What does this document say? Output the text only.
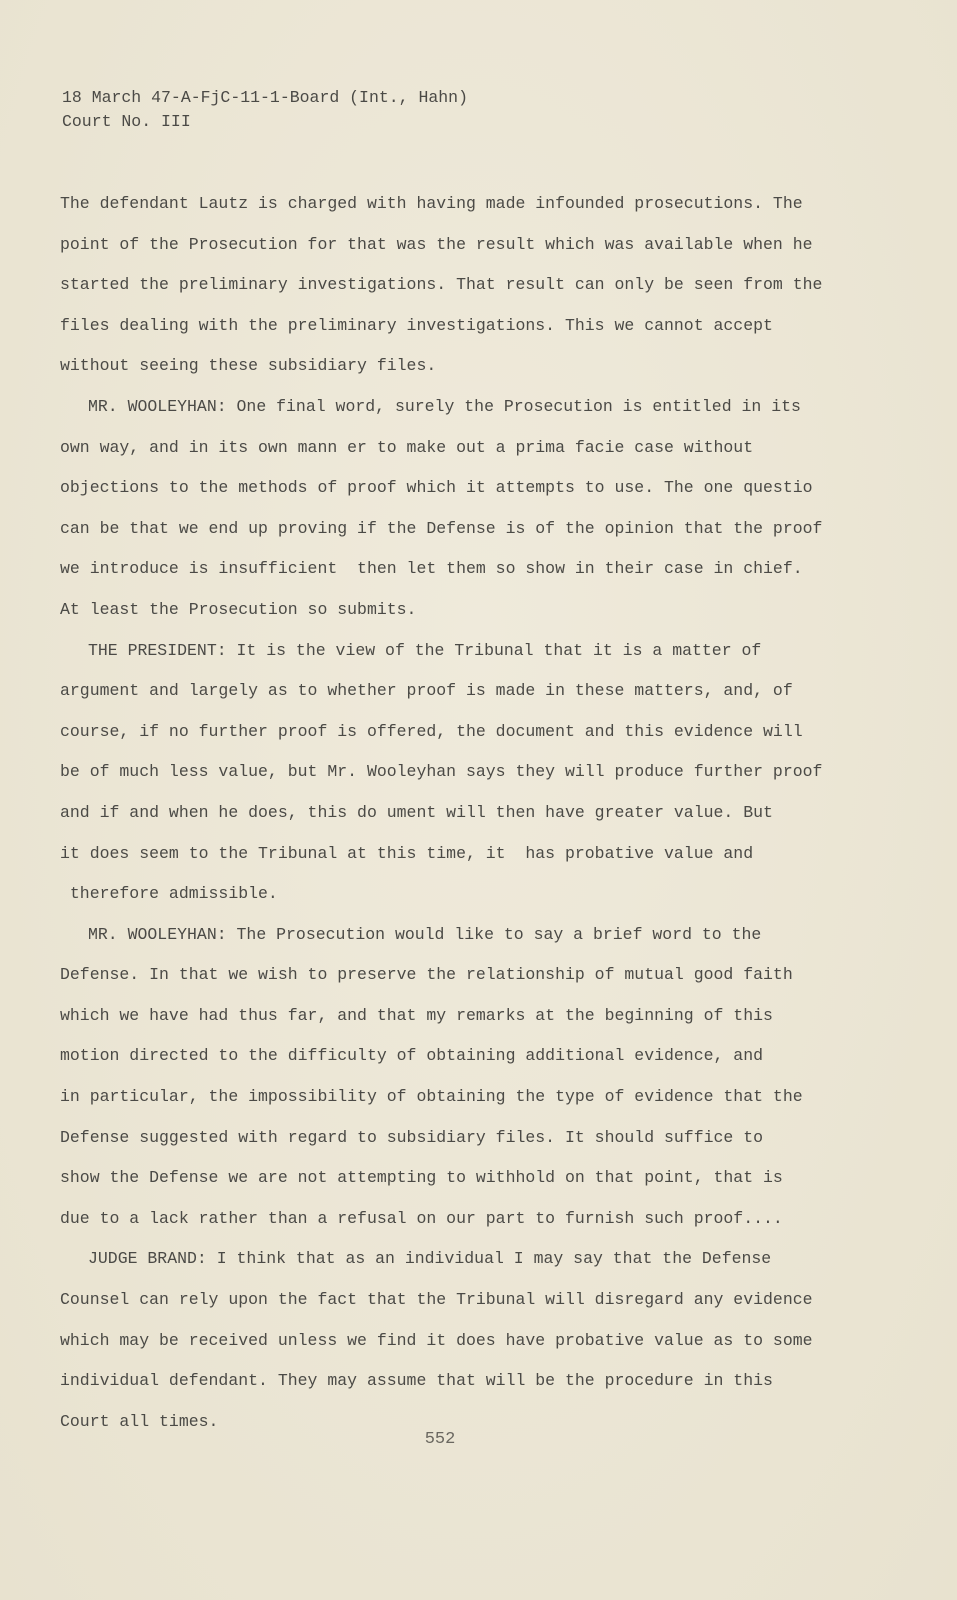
18 March 47-A-FjC-11-1-Board (Int., Hahn)
Court No. III
The defendant Lautz is charged with having made infounded prosecutions. The
point of the Prosecution for that was the result which was available when he
started the preliminary investigations. That result can only be seen from the
files dealing with the preliminary investigations. This we cannot accept
without seeing these subsidiary files.
MR. WOOLEYHAN: One final word, surely the Prosecution is entitled in its
own way, and in its own mann er to make out a prima facie case without
objections to the methods of proof which it attempts to use. The one questio
can be that we end up proving if the Defense is of the opinion that the proof
we introduce is insufficient  then let them so show in their case in chief.
At least the Prosecution so submits.
THE PRESIDENT: It is the view of the Tribunal that it is a matter of
argument and largely as to whether proof is made in these matters, and, of
course, if no further proof is offered, the document and this evidence will
be of much less value, but Mr. Wooleyhan says they will produce further proof
and if and when he does, this do ument will then have greater value. But
it does seem to the Tribunal at this time, it  has probative value and
therefore admissible.
MR. WOOLEYHAN: The Prosecution would like to say a brief word to the
Defense. In that we wish to preserve the relationship of mutual good faith
which we have had thus far, and that my remarks at the beginning of this
motion directed to the difficulty of obtaining additional evidence, and
in particular, the impossibility of obtaining the type of evidence that the
Defense suggested with regard to subsidiary files. It should suffice to
show the Defense we are not attempting to withhold on that point, that is
due to a lack rather than a refusal on our part to furnish such proof....
JUDGE BRAND: I think that as an individual I may say that the Defense
Counsel can rely upon the fact that the Tribunal will disregard any evidence
which may be received unless we find it does have probative value as to some
individual defendant. They may assume that will be the procedure in this
Court all times.
552
